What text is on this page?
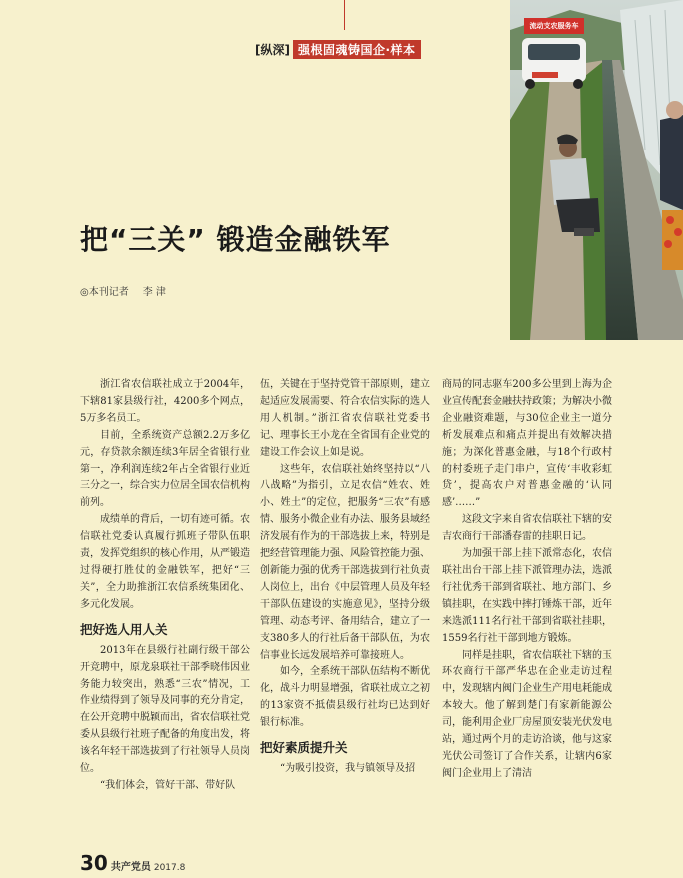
[纵深] 强根固魂铸国企·样本
流动支农服务车
把“三关” 锻造金融铁军
◎本刊记者 李 津

浙江省农信联社成立于2004年，下辖81家县级行社，4200多个网点，5万多名员工。

目前，全系统资产总额2.2万多亿元，存贷款余额连续3年居全省银行业第一，净利润连续2年占全省银行业近三分之一，综合实力位居全国农信机构前列。

成绩单的背后，一切有迹可循。农信联社党委认真履行抓班子带队伍职责，发挥党组织的核心作用，从严锻造过得硬打胜仗的金融铁军，把好“三关”，全力助推浙江农信系统集团化、多元化发展。

把好选人用人关

2013年在县级行社副行级干部公开竞聘中，原龙泉联社干部季晓伟因业务能力较突出，熟悉“三农”情况，工作业绩得到了领导及同事的充分肯定，在公开竞聘中脱颖而出，省农信联社党委从县级行社班子配备的角度出发，将该名年轻干部选拔到了行社领导人员岗位。

“我们体会，管好干部、带好队

伍，关键在于坚持党管干部原则，建立起适应发展需要、符合农信实际的选人用人机制。”浙江省农信联社党委书记、理事长王小龙在全省国有企业党的建设工作会议上如是说。

这些年，农信联社始终坚持以“八八战略”为指引，立足农信“姓农、姓小、姓土”的定位，把服务“三农”有感情、服务小微企业有办法、服务县域经济发展有作为的干部选拔上来，特别是把经营管理能力强、风险管控能力强、创新能力强的优秀干部选拔到行社负责人岗位上，出台《中层管理人员及年轻干部队伍建设的实施意见》，坚持分级管理、动态考评、备用结合，建立了一支380多人的行社后备干部队伍，为农信事业长远发展培养可靠接班人。

如今，全系统干部队伍结构不断优化，战斗力明显增强，省联社成立之初的13家资不抵债县级行社均已达到好银行标准。

把好素质提升关

“为吸引投资，我与镇领导及招

商局的同志驱车200多公里到上海为企业宣传配套金融扶持政策；为解决小微企业融资难题，与30位企业主一道分析发展难点和痛点并提出有效解决措施；为深化普惠金融，与18个行政村的村委班子走门串户，宣传‘丰收彩虹贷’，提高农户对普惠金融的‘认同感’……”

这段文字来自省农信联社下辖的安吉农商行干部潘春雷的挂职日记。

为加强干部上挂下派常态化，农信联社出台干部上挂下派管理办法，选派行社优秀干部到省联社、地方部门、乡镇挂职，在实践中摔打锤炼干部，近年来选派111名行社干部到省联社挂职，1559名行社干部到地方锻炼。

同样是挂职，省农信联社下辖的玉环农商行干部严华忠在企业走访过程中，发现辖内阀门企业生产用电耗能成本较大。他了解到楚门有家新能源公司，能利用企业厂房屋顶安装光伏发电站，通过两个月的走访洽谈，他与这家光伏公司签订了合作关系，让辖内6家阀门企业用上了清洁

30 共产党员 2017.8
